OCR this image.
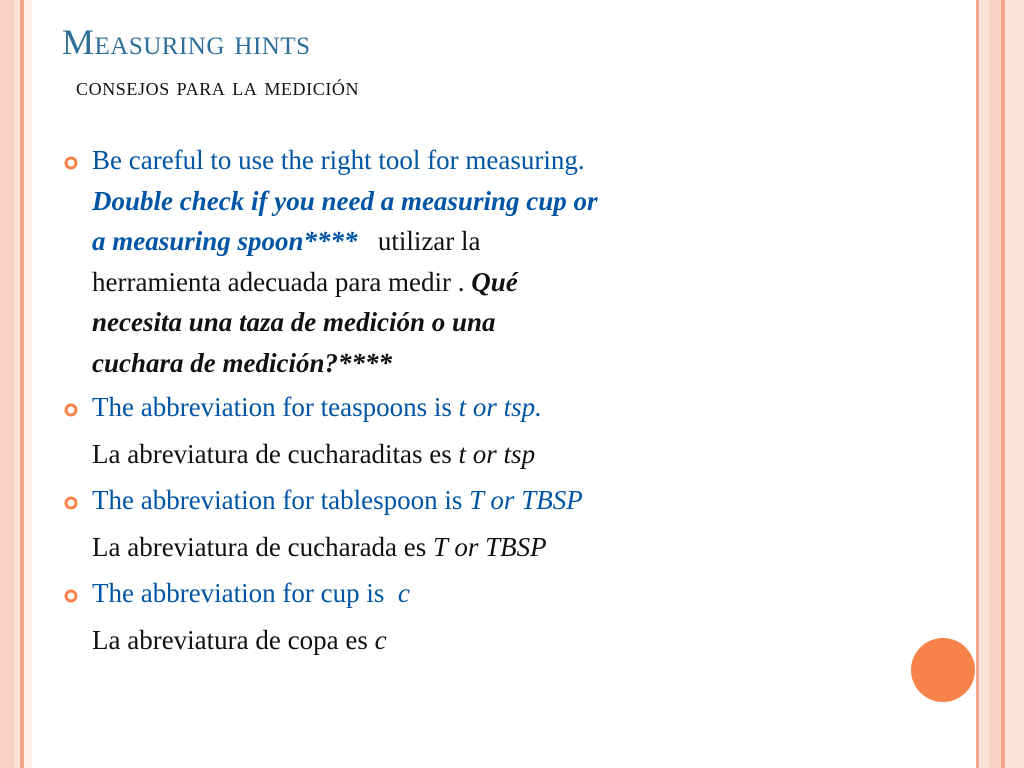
Measuring hints
consejos para la medición
Be careful to use the right tool for measuring.
Double check if you need a measuring cup or
a measuring spoon****   utilizar la
herramienta adecuada para medir . Qué
necesita una taza de medición o una
cuchara de medición?****
The abbreviation for teaspoons is t or tsp.
La abreviatura de cucharaditas es t or tsp
The abbreviation for tablespoon is T or TBSP
La abreviatura de cucharada es T or TBSP
The abbreviation for cup is  c
La abreviatura de copa es c
